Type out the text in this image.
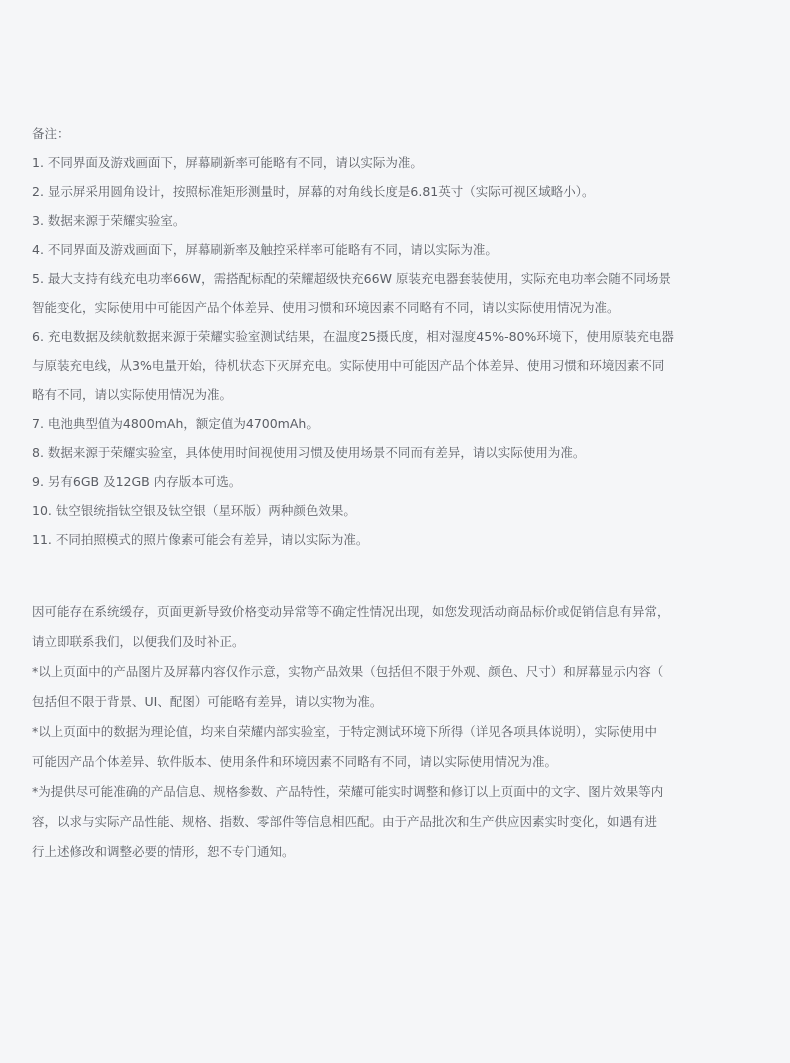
备注：
1. 不同界面及游戏画面下，屏幕刷新率可能略有不同，请以实际为准。
2. 显示屏采用圆角设计，按照标准矩形测量时，屏幕的对角线长度是6.81英寸（实际可视区域略小）。
3. 数据来源于荣耀实验室。
4. 不同界面及游戏画面下，屏幕刷新率及触控采样率可能略有不同，请以实际为准。
5. 最大支持有线充电功率66W，需搭配标配的荣耀超级快充66W 原装充电器套装使用，实际充电功率会随不同场景
智能变化，实际使用中可能因产品个体差异、使用习惯和环境因素不同略有不同，请以实际使用情况为准。
6. 充电数据及续航数据来源于荣耀实验室测试结果，在温度25摄氏度，相对湿度45%-80%环境下，使用原装充电器
与原装充电线，从3%电量开始，待机状态下灭屏充电。实际使用中可能因产品个体差异、使用习惯和环境因素不同
略有不同，请以实际使用情况为准。
7. 电池典型值为4800mAh，额定值为4700mAh。
8. 数据来源于荣耀实验室，具体使用时间视使用习惯及使用场景不同而有差异，请以实际使用为准。
9. 另有6GB 及12GB 内存版本可选。
10. 钛空银统指钛空银及钛空银（星环版）两种颜色效果。
11. 不同拍照模式的照片像素可能会有差异，请以实际为准。
因可能存在系统缓存，页面更新导致价格变动异常等不确定性情况出现，如您发现活动商品标价或促销信息有异常，
请立即联系我们，以便我们及时补正。
*以上页面中的产品图片及屏幕内容仅作示意，实物产品效果（包括但不限于外观、颜色、尺寸）和屏幕显示内容（
包括但不限于背景、UI、配图）可能略有差异，请以实物为准。
*以上页面中的数据为理论值，均来自荣耀内部实验室，于特定测试环境下所得（详见各项具体说明），实际使用中
可能因产品个体差异、软件版本、使用条件和环境因素不同略有不同，请以实际使用情况为准。
*为提供尽可能准确的产品信息、规格参数、产品特性，荣耀可能实时调整和修订以上页面中的文字、图片效果等内
容，以求与实际产品性能、规格、指数、零部件等信息相匹配。由于产品批次和生产供应因素实时变化，如遇有进
行上述修改和调整必要的情形，恕不专门通知。
